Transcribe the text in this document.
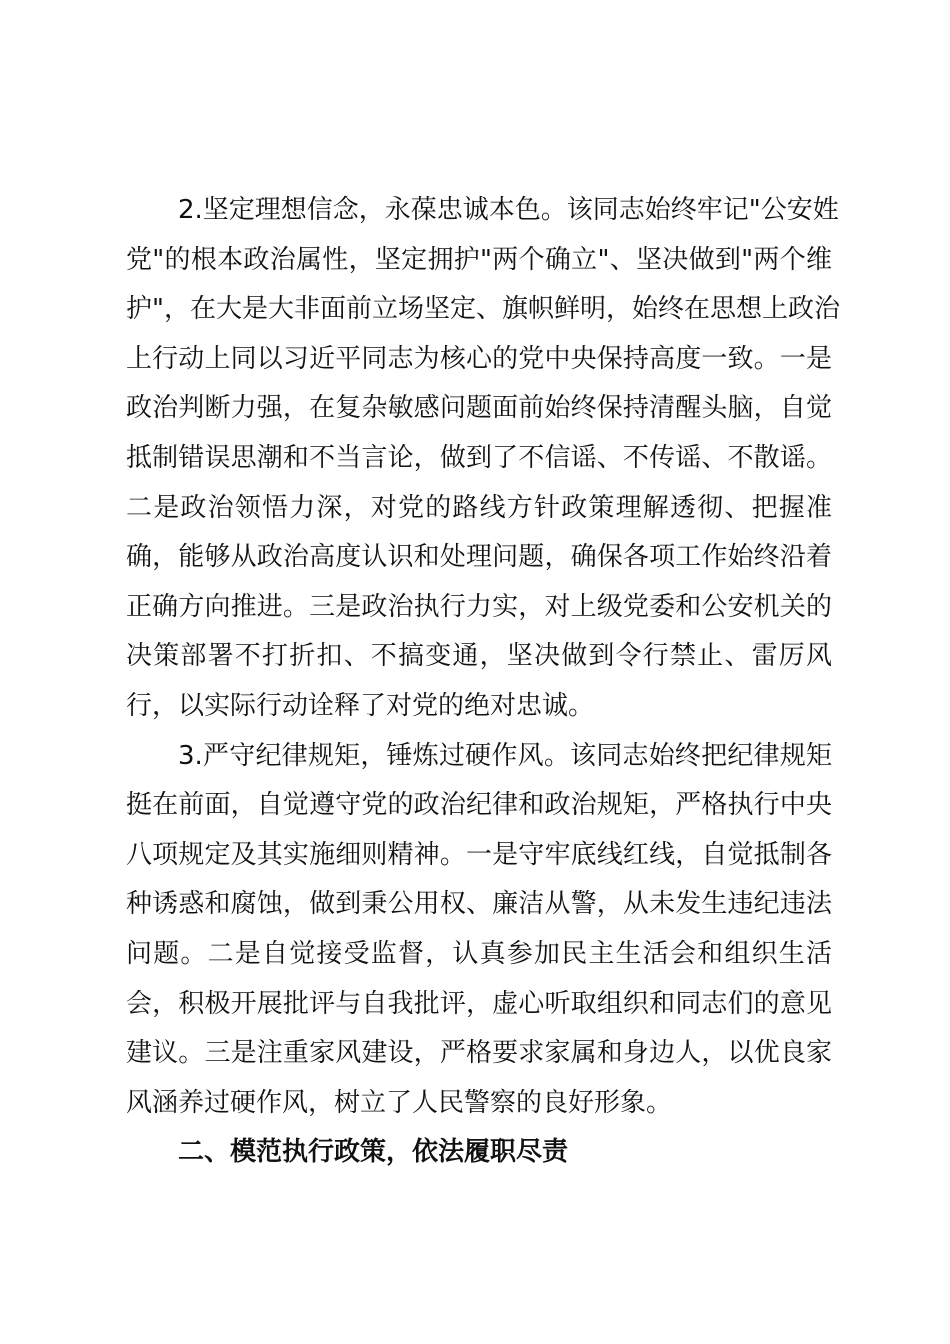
2.坚定理想信念，永葆忠诚本色。该同志始终牢记"公安姓
党"的根本政治属性，坚定拥护"两个确立"、坚决做到"两个维
护"，在大是大非面前立场坚定、旗帜鲜明，始终在思想上政治
上行动上同以习近平同志为核心的党中央保持高度一致。一是
政治判断力强，在复杂敏感问题面前始终保持清醒头脑，自觉
抵制错误思潮和不当言论，做到了不信谣、不传谣、不散谣。
二是政治领悟力深，对党的路线方针政策理解透彻、把握准
确，能够从政治高度认识和处理问题，确保各项工作始终沿着
正确方向推进。三是政治执行力实，对上级党委和公安机关的
决策部署不打折扣、不搞变通，坚决做到令行禁止、雷厉风
行，以实际行动诠释了对党的绝对忠诚。
3.严守纪律规矩，锤炼过硬作风。该同志始终把纪律规矩
挺在前面，自觉遵守党的政治纪律和政治规矩，严格执行中央
八项规定及其实施细则精神。一是守牢底线红线，自觉抵制各
种诱惑和腐蚀，做到秉公用权、廉洁从警，从未发生违纪违法
问题。二是自觉接受监督，认真参加民主生活会和组织生活
会，积极开展批评与自我批评，虚心听取组织和同志们的意见
建议。三是注重家风建设，严格要求家属和身边人，以优良家
风涵养过硬作风，树立了人民警察的良好形象。
二、模范执行政策，依法履职尽责
